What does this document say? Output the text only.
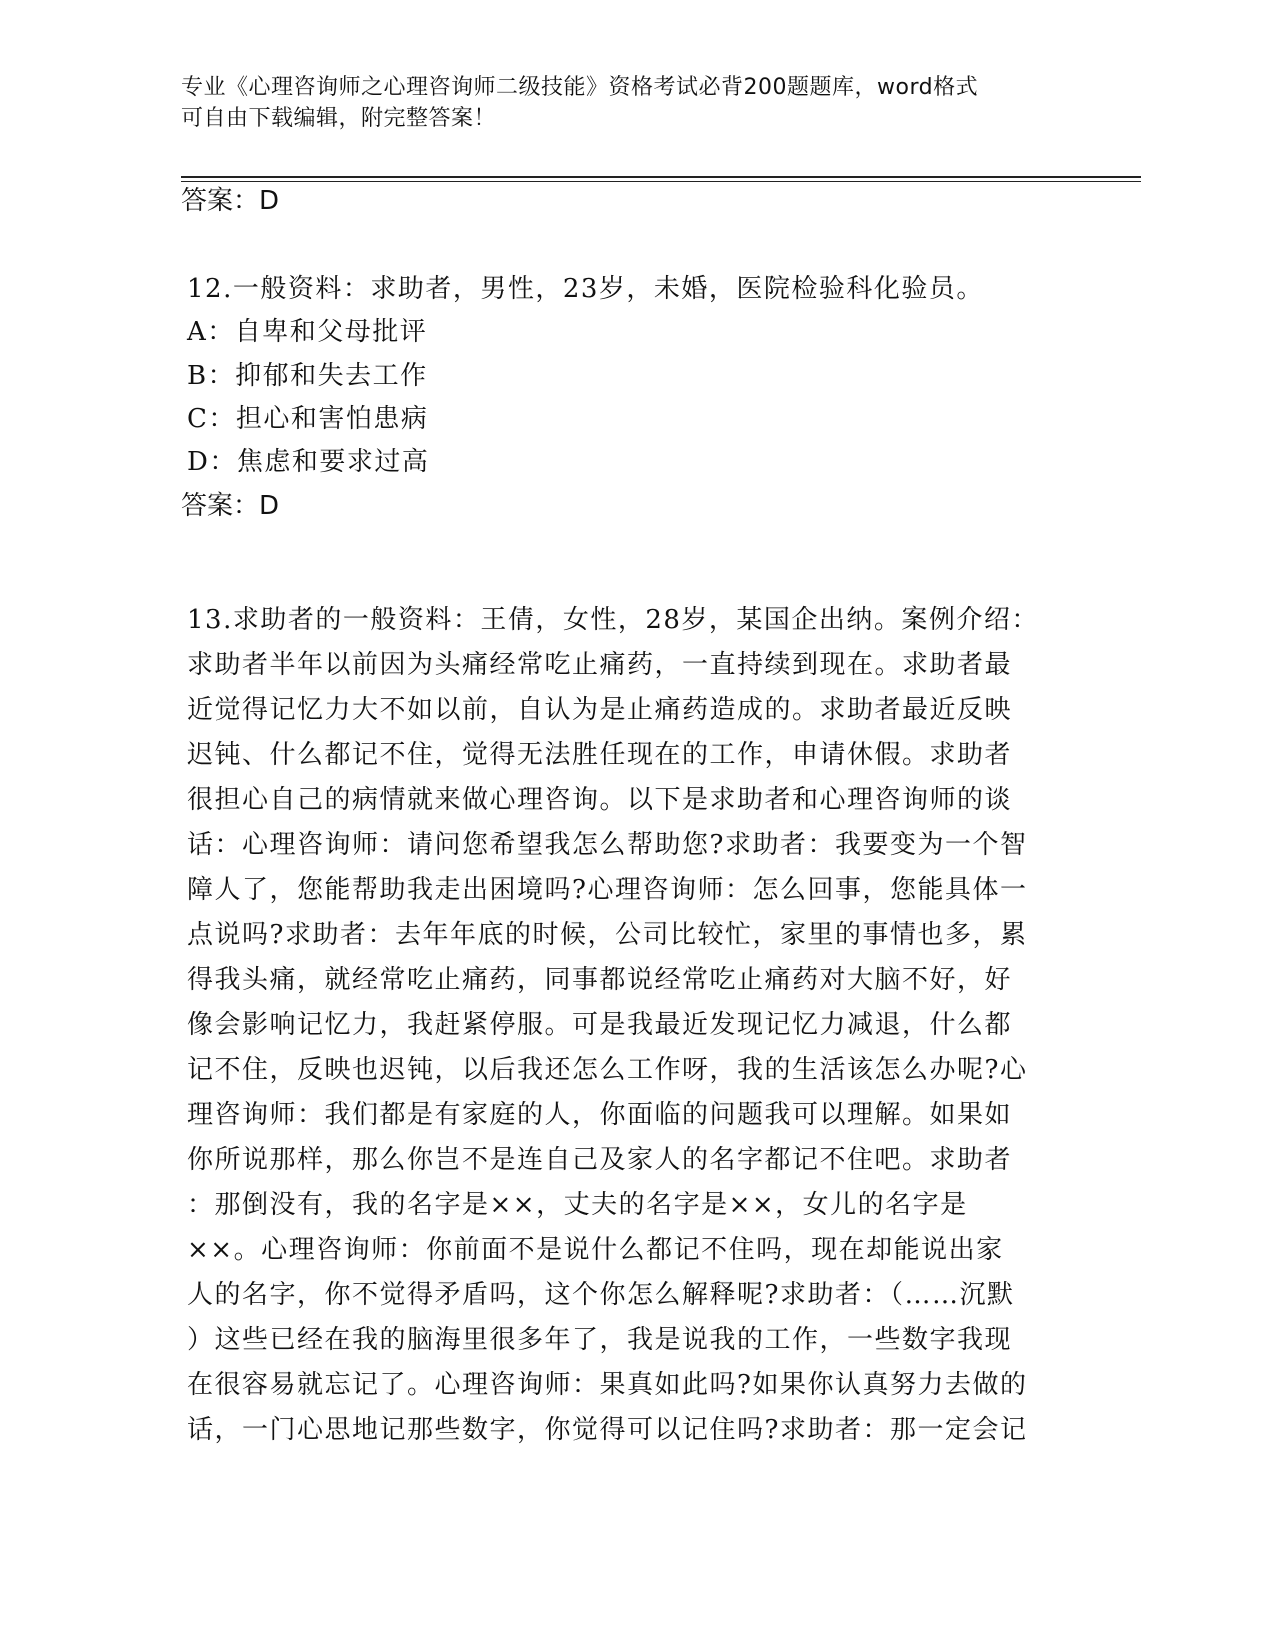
专业《心理咨询师之心理咨询师二级技能》资格考试必背200题题库，word格式
可自由下载编辑，附完整答案！
答案：D
12.一般资料：求助者，男性，23岁，未婚，医院检验科化验员。
A：自卑和父母批评
B：抑郁和失去工作
C：担心和害怕患病
D：焦虑和要求过高
答案：D
13.求助者的一般资料：王倩，女性，28岁，某国企出纳。案例介绍：
求助者半年以前因为头痛经常吃止痛药，一直持续到现在。求助者最
近觉得记忆力大不如以前，自认为是止痛药造成的。求助者最近反映
迟钝、什么都记不住，觉得无法胜任现在的工作，申请休假。求助者
很担心自己的病情就来做心理咨询。以下是求助者和心理咨询师的谈
话：心理咨询师：请问您希望我怎么帮助您?求助者：我要变为一个智
障人了，您能帮助我走出困境吗?心理咨询师：怎么回事，您能具体一
点说吗?求助者：去年年底的时候，公司比较忙，家里的事情也多，累
得我头痛，就经常吃止痛药，同事都说经常吃止痛药对大脑不好，好
像会影响记忆力，我赶紧停服。可是我最近发现记忆力减退，什么都
记不住，反映也迟钝，以后我还怎么工作呀，我的生活该怎么办呢?心
理咨询师：我们都是有家庭的人，你面临的问题我可以理解。如果如
你所说那样，那么你岂不是连自己及家人的名字都记不住吧。求助者
：那倒没有，我的名字是××，丈夫的名字是××，女儿的名字是
××。心理咨询师：你前面不是说什么都记不住吗，现在却能说出家
人的名字，你不觉得矛盾吗，这个你怎么解释呢?求助者：（……沉默
）这些已经在我的脑海里很多年了，我是说我的工作，一些数字我现
在很容易就忘记了。心理咨询师：果真如此吗?如果你认真努力去做的
话，一门心思地记那些数字，你觉得可以记住吗?求助者：那一定会记
